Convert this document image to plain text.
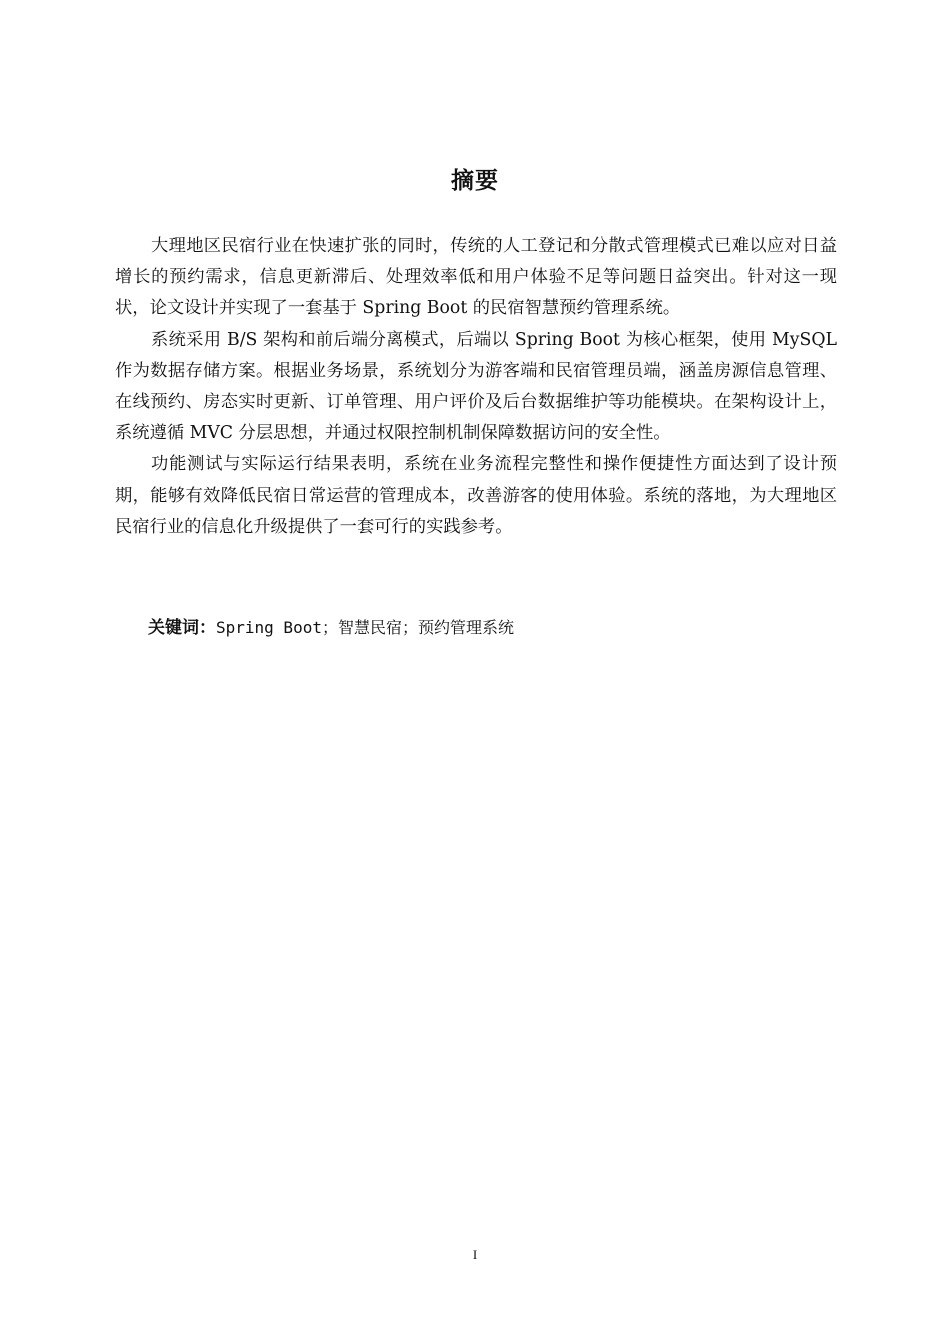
摘要

大理地区民宿行业在快速扩张的同时，传统的人工登记和分散式管理模式已难以应对日益增长的预约需求，信息更新滞后、处理效率低和用户体验不足等问题日益突出。针对这一现状，论文设计并实现了一套基于 Spring Boot 的民宿智慧预约管理系统。

系统采用 B/S 架构和前后端分离模式，后端以 Spring Boot 为核心框架，使用 MySQL 作为数据存储方案。根据业务场景，系统划分为游客端和民宿管理员端，涵盖房源信息管理、在线预约、房态实时更新、订单管理、用户评价及后台数据维护等功能模块。在架构设计上，系统遵循 MVC 分层思想，并通过权限控制机制保障数据访问的安全性。

功能测试与实际运行结果表明，系统在业务流程完整性和操作便捷性方面达到了设计预期，能够有效降低民宿日常运营的管理成本，改善游客的使用体验。系统的落地，为大理地区民宿行业的信息化升级提供了一套可行的实践参考。

关键词：Spring Boot；智慧民宿；预约管理系统
I
